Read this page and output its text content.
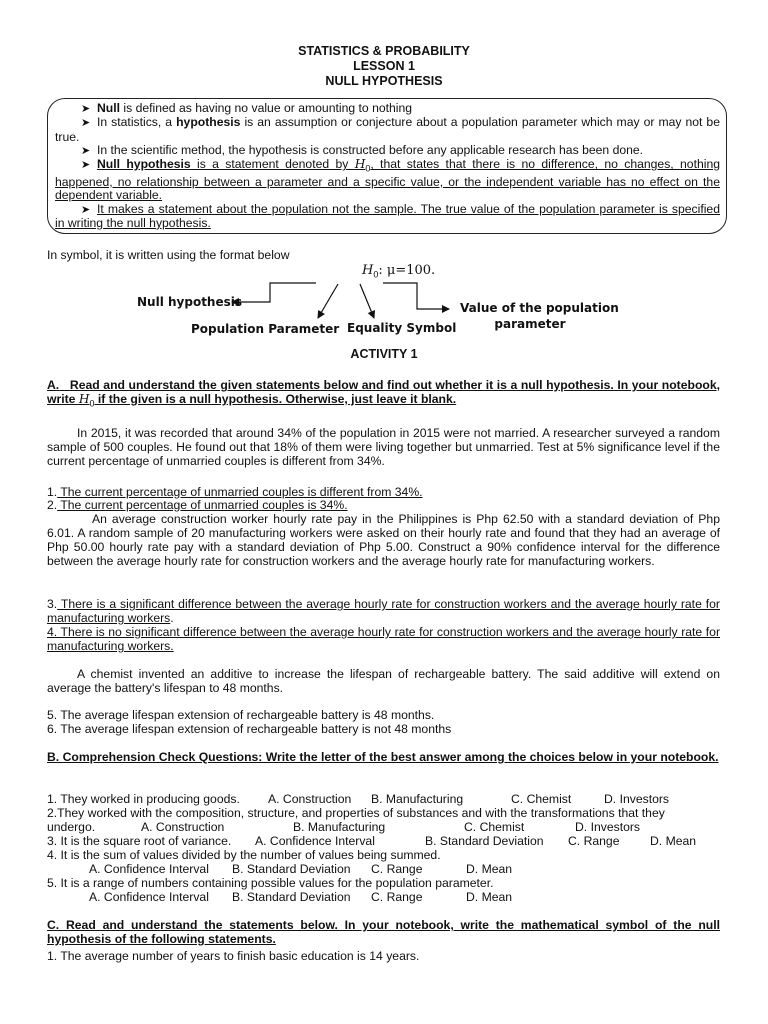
STATISTICS & PROBABILITY
LESSON 1
NULL HYPOTHESIS

➤ Null is defined as having no value or amounting to nothing

➤ In statistics, a hypothesis is an assumption or conjecture about a population parameter which may or may not be true.

➤ In the scientific method, the hypothesis is constructed before any applicable research has been done.

➤ Null hypothesis is a statement denoted by $H_0$, that states that there is no difference, no changes, nothing happened, no relationship between a parameter and a specific value, or the independent variable has no effect on the dependent variable.

➤ It makes a statement about the population not the sample. The true value of the population parameter is specified in writing the null hypothesis.

In symbol, it is written using the format below

$H_0$: μ=100.
Null hypothesis
Population Parameter Equality Symbol
Value of the population
parameter
ACTIVITY 1

A. Read and understand the given statements below and find out whether it is a null hypothesis. In your notebook, write $H_0$ if the given is a null hypothesis. Otherwise, just leave it blank.

In 2015, it was recorded that around 34% of the population in 2015 were not married. A researcher surveyed a random sample of 500 couples. He found out that 18% of them were living together but unmarried. Test at 5% significance level if the current percentage of unmarried couples is different from 34%.

1. The current percentage of unmarried couples is different from 34%.

2. The current percentage of unmarried couples is 34%.

An average construction worker hourly rate pay in the Philippines is Php 62.50 with a standard deviation of Php 6.01. A random sample of 20 manufacturing workers were asked on their hourly rate and found that they had an average of Php 50.00 hourly rate pay with a standard deviation of Php 5.00. Construct a 90% confidence interval for the difference between the average hourly rate for construction workers and the average hourly rate for manufacturing workers.

3. There is a significant difference between the average hourly rate for construction workers and the average hourly rate for manufacturing workers.

4. There is no significant difference between the average hourly rate for construction workers and the average hourly rate for manufacturing workers.

A chemist invented an additive to increase the lifespan of rechargeable battery. The said additive will extend on average the battery's lifespan to 48 months.

5. The average lifespan extension of rechargeable battery is 48 months.

6. The average lifespan extension of rechargeable battery is not 48 months

B. Comprehension Check Questions: Write the letter of the best answer among the choices below in your notebook.

1. They worked in producing goods. A. Construction B. Manufacturing	C. Chemist	D. Investors
2.They worked with the composition, structure, and properties of substances and with the transformations that they
undergo.	A. Construction	B. Manufacturing	C. Chemist	D. Investors
3. It is the square root of variance. A. Confidence Interval	B. Standard Deviation C. Range	D. Mean
4. It is the sum of values divided by the number of values being summed.
A. Confidence Interval B. Standard Deviation C. Range	D. Mean
5. It is a range of numbers containing possible values for the population parameter.
A. Confidence Interval B. Standard Deviation C. Range	D. Mean

C. Read and understand the statements below. In your notebook, write the mathematical symbol of the null hypothesis of the following statements.

1. The average number of years to finish basic education is 14 years.
